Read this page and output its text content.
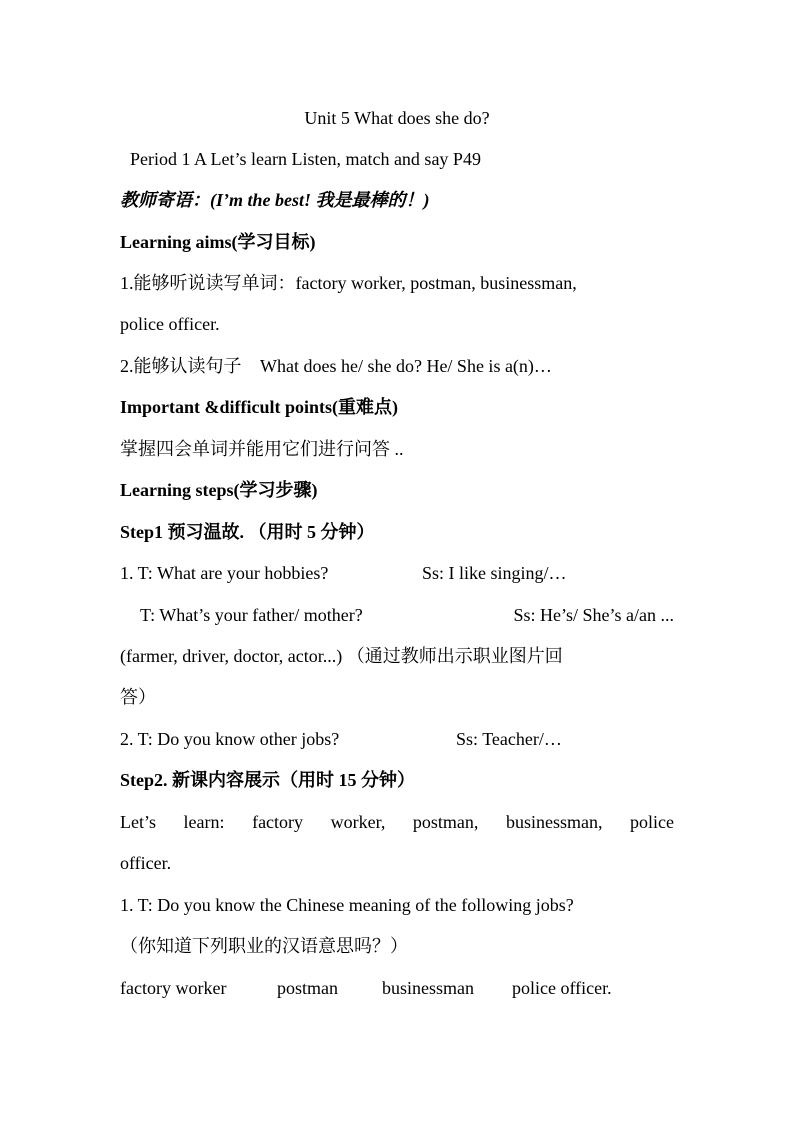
Unit 5 What does she do?
Period 1 A Let’s learn Listen, match and say P49
教师寄语：(I’m the best! 我是最棒的！)
Learning aims(学习目标)
1.能够听说读写单词：factory worker, postman, businessman,
police officer.
2.能够认读句子 What does he/ she do? He/ She is a(n)…
Important &difficult points(重难点)
掌握四会单词并能用它们进行问答 ..
Learning steps(学习步骤)
Step1 预习温故. （用时 5 分钟）
1. T: What are your hobbies?	Ss: I like singing/…
T: What’s your father/ mother?	Ss: He’s/ She’s a/an ...
(farmer, driver, doctor, actor...) （通过教师出示职业图片回
答）
2. T: Do you know other jobs?	Ss: Teacher/…
Step2. 新课内容展示（用时 15 分钟）
Let’s learn: factory worker, postman, businessman, police
officer.
1. T: Do you know the Chinese meaning of the following jobs?
（你知道下列职业的汉语意思吗？）
factory worker	postman businessman police officer.
